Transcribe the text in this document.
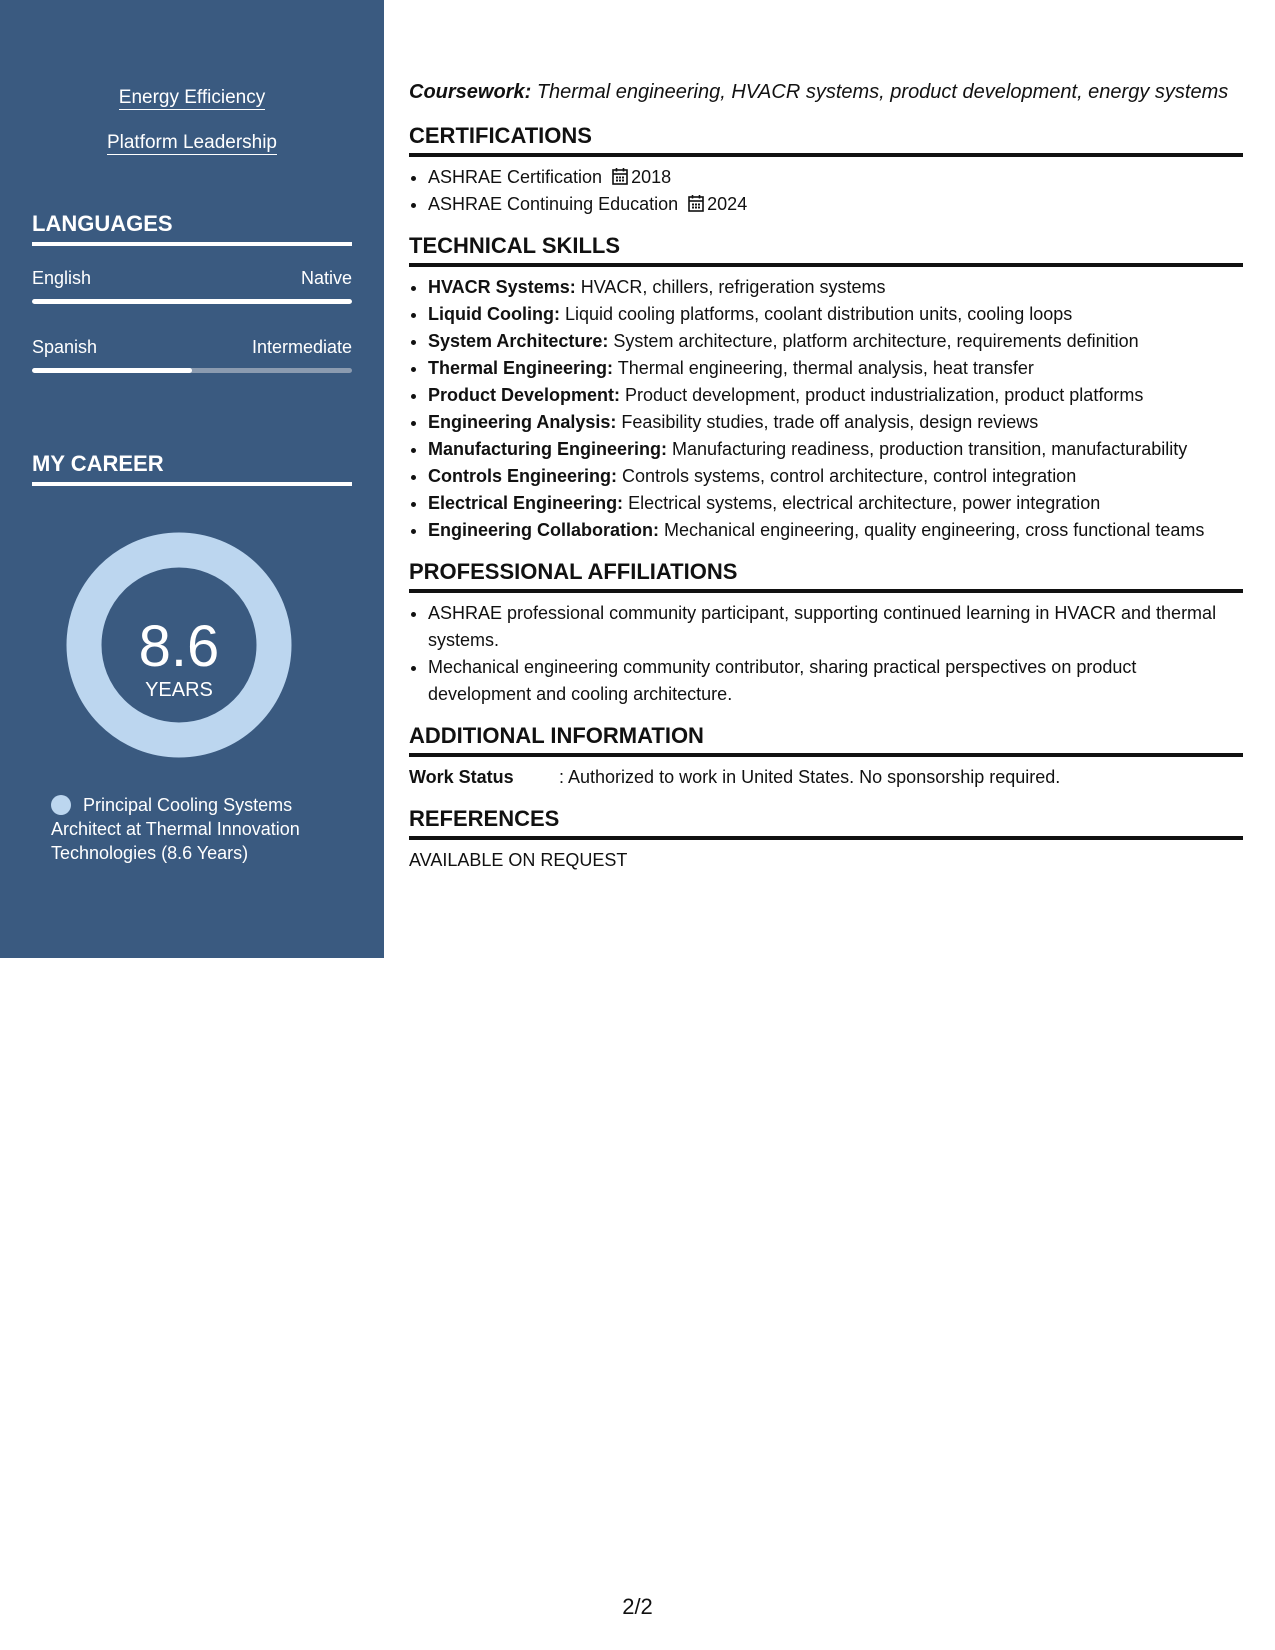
Energy Efficiency
Platform Leadership
LANGUAGES
English	Native
Spanish	Intermediate
MY CAREER
8.6
YEARS
Principal Cooling Systems Architect at Thermal Innovation Technologies (8.6 Years)

Coursework: Thermal engineering, HVACR systems, product development, energy systems

CERTIFICATIONS
• ASHRAE Certification 2018
• ASHRAE Continuing Education 2024
TECHNICAL SKILLS
• HVACR Systems: HVACR, chillers, refrigeration systems
• Liquid Cooling: Liquid cooling platforms, coolant distribution units, cooling loops
• System Architecture: System architecture, platform architecture, requirements definition
• Thermal Engineering: Thermal engineering, thermal analysis, heat transfer
• Product Development: Product development, product industrialization, product platforms
• Engineering Analysis: Feasibility studies, trade off analysis, design reviews
• Manufacturing Engineering: Manufacturing readiness, production transition, manufacturability
• Controls Engineering: Controls systems, control architecture, control integration
• Electrical Engineering: Electrical systems, electrical architecture, power integration
• Engineering Collaboration: Mechanical engineering, quality engineering, cross functional teams
PROFESSIONAL AFFILIATIONS
• ASHRAE professional community participant, supporting continued learning in HVACR and thermal systems.
• Mechanical engineering community contributor, sharing practical perspectives on product development and cooling architecture.
ADDITIONAL INFORMATION
Work Status	: Authorized to work in United States. No sponsorship required.
REFERENCES
AVAILABLE ON REQUEST
2/2
